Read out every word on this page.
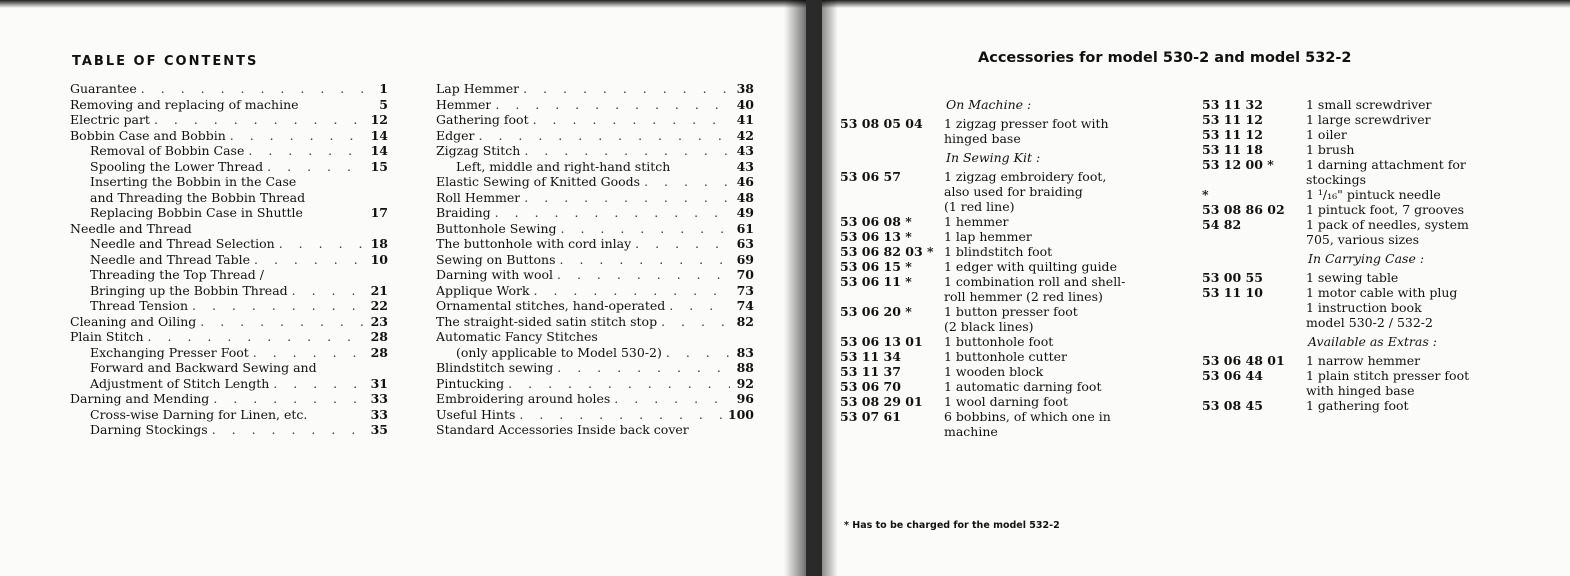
TABLE OF CONTENTS
Guarantee . . .	1
Removing and replacing of machine	5
Electric part . . .	12
Bobbin Case and Bobbin . . .	14
Removal of Bobbin Case . . .	14
Spooling the Lower Thread . . .	15
Inserting the Bobbin in the Case
and Threading the Bobbin Thread
Replacing Bobbin Case in Shuttle	17
Needle and Thread
Needle and Thread Selection . . .	18
Needle and Thread Table . . .	10
Threading the Top Thread /
Bringing up the Bobbin Thread . . .	21
Thread Tension . . .	22
Cleaning and Oiling . . .	23
Plain Stitch . . .	28
Exchanging Presser Foot . . .	28
Forward and Backward Sewing and
Adjustment of Stitch Length . . .	31
Darning and Mending . . .	33
Cross-wise Darning for Linen, etc.	33
Darning Stockings . . .	35
Lap Hemmer . . .	38
Hemmer . . .	40
Gathering foot . . .	41
Edger . . .	42
Zigzag Stitch . . .	43
Left, middle and right-hand stitch	43
Elastic Sewing of Knitted Goods . . .	46
Roll Hemmer . . .	48
Braiding . . .	49
Buttonhole Sewing . . .	61
The buttonhole with cord inlay . . .	63
Sewing on Buttons . . .	69
Darning with wool . . .	70
Applique Work . . .	73
Ornamental stitches, hand-operated . . .	74
The straight-sided satin stitch stop . . .	82
Automatic Fancy Stitches
(only applicable to Model 530-2) . . .	83
Blindstitch sewing . . .	88
Pintucking . . .	92
Embroidering around holes . . .	96
Useful Hints . . .	100
Standard Accessories Inside back cover
Accessories for model 530-2 and model 532-2
On Machine :
53 08 05 04	1 zigzag presser foot with
hinged base
In Sewing Kit :
53 06 57	1 zigzag embroidery foot,
also used for braiding
(1 red line)
53 06 08 *	1 hemmer
53 06 13 *	1 lap hemmer
53 06 82 03 * 1 blindstitch foot
53 06 15 *	1 edger with quilting guide
53 06 11 *	1 combination roll and shell-
roll hemmer (2 red lines)
53 06 20 *	1 button presser foot
(2 black lines)
53 06 13 01	1 buttonhole foot
53 11 34	1 buttonhole cutter
53 11 37	1 wooden block
53 06 70	1 automatic darning foot
53 08 29 01	1 wool darning foot
53 07 61	6 bobbins, of which one in
machine
53 11 32	1 small screwdriver
53 11 12	1 large screwdriver
53 11 12	1 oiler
53 11 18	1 brush
53 12 00 *	1 darning attachment for
stockings
*	1 ¹/₁₆" pintuck needle
53 08 86 02	1 pintuck foot, 7 grooves
54 82	1 pack of needles, system
705, various sizes
In Carrying Case :
53 00 55	1 sewing table
53 11 10	1 motor cable with plug
1 instruction book
model 530-2 / 532-2
Available as Extras :
53 06 48 01	1 narrow hemmer
53 06 44	1 plain stitch presser foot
with hinged base
53 08 45	1 gathering foot
* Has to be charged for the model 532-2
